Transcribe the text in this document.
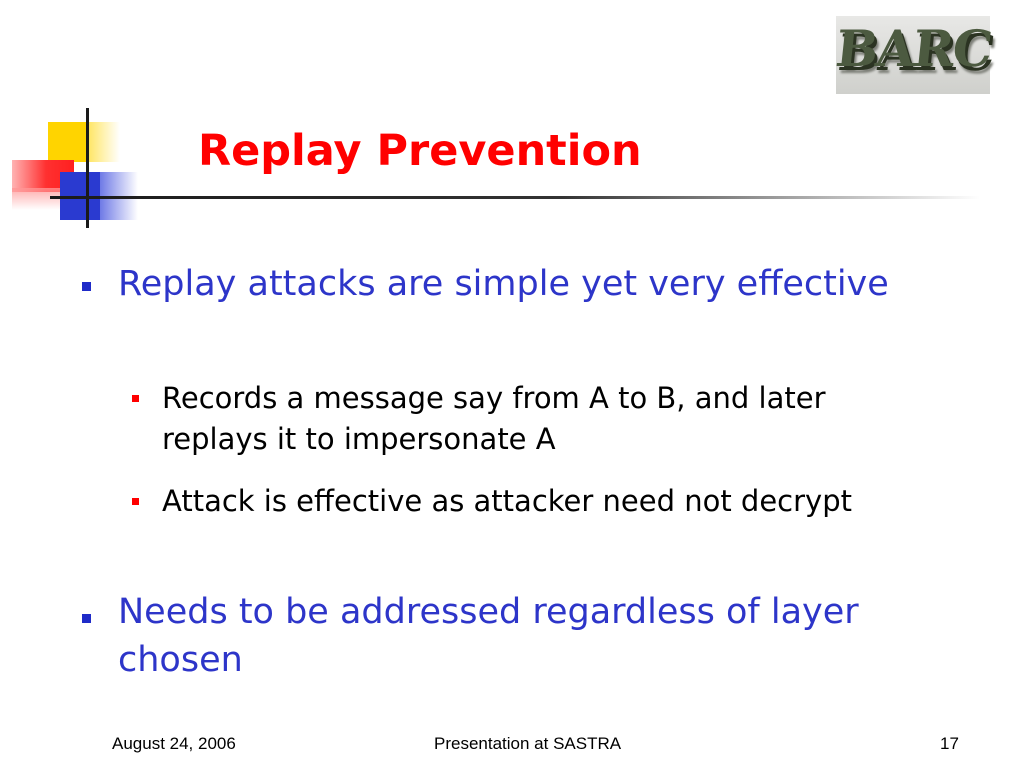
BARC
Replay Prevention

Replay attacks are simple yet very effective

Records a message say from A to B, and later replays it to impersonate A

Attack is effective as attacker need not decrypt

Needs to be addressed regardless of layer chosen

August 24, 2006	Presentation at SASTRA	17
